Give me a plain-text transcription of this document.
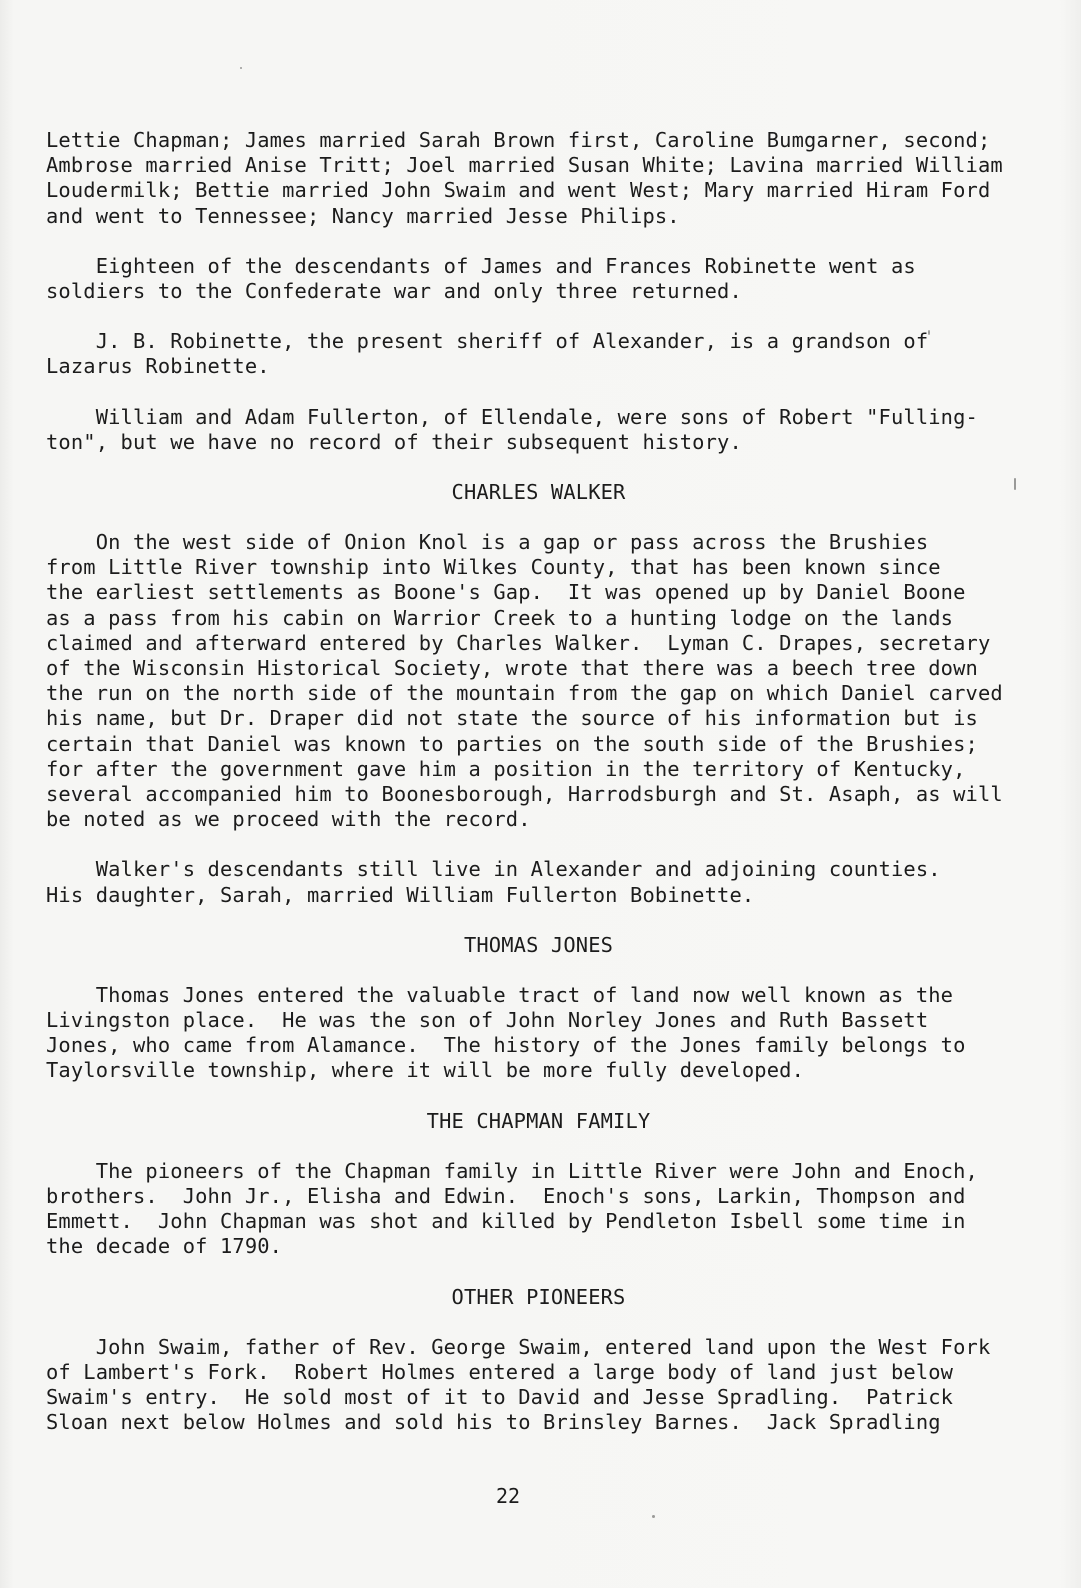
Lettie Chapman; James married Sarah Brown first, Caroline Bumgarner, second;
Ambrose married Anise Tritt; Joel married Susan White; Lavina married William
Loudermilk; Bettie married John Swaim and went West; Mary married Hiram Ford
and went to Tennessee; Nancy married Jesse Philips.
Eighteen of the descendants of James and Frances Robinette went as
soldiers to the Confederate war and only three returned.
J. B. Robinette, the present sheriff of Alexander, is a grandson of
Lazarus Robinette.
William and Adam Fullerton, of Ellendale, were sons of Robert "Fulling-
ton", but we have no record of their subsequent history.
CHARLES WALKER
On the west side of Onion Knol is a gap or pass across the Brushies
from Little River township into Wilkes County, that has been known since
the earliest settlements as Boone's Gap.  It was opened up by Daniel Boone
as a pass from his cabin on Warrior Creek to a hunting lodge on the lands
claimed and afterward entered by Charles Walker.  Lyman C. Drapes, secretary
of the Wisconsin Historical Society, wrote that there was a beech tree down
the run on the north side of the mountain from the gap on which Daniel carved
his name, but Dr. Draper did not state the source of his information but is
certain that Daniel was known to parties on the south side of the Brushies;
for after the government gave him a position in the territory of Kentucky,
several accompanied him to Boonesborough, Harrodsburgh and St. Asaph, as will
be noted as we proceed with the record.
Walker's descendants still live in Alexander and adjoining counties.
His daughter, Sarah, married William Fullerton Bobinette.
THOMAS JONES
Thomas Jones entered the valuable tract of land now well known as the
Livingston place.  He was the son of John Norley Jones and Ruth Bassett
Jones, who came from Alamance.  The history of the Jones family belongs to
Taylorsville township, where it will be more fully developed.
THE CHAPMAN FAMILY
The pioneers of the Chapman family in Little River were John and Enoch,
brothers.  John Jr., Elisha and Edwin.  Enoch's sons, Larkin, Thompson and
Emmett.  John Chapman was shot and killed by Pendleton Isbell some time in
the decade of 1790.
OTHER PIONEERS
John Swaim, father of Rev. George Swaim, entered land upon the West Fork
of Lambert's Fork.  Robert Holmes entered a large body of land just below
Swaim's entry.  He sold most of it to David and Jesse Spradling.  Patrick
Sloan next below Holmes and sold his to Brinsley Barnes.  Jack Spradling
22
